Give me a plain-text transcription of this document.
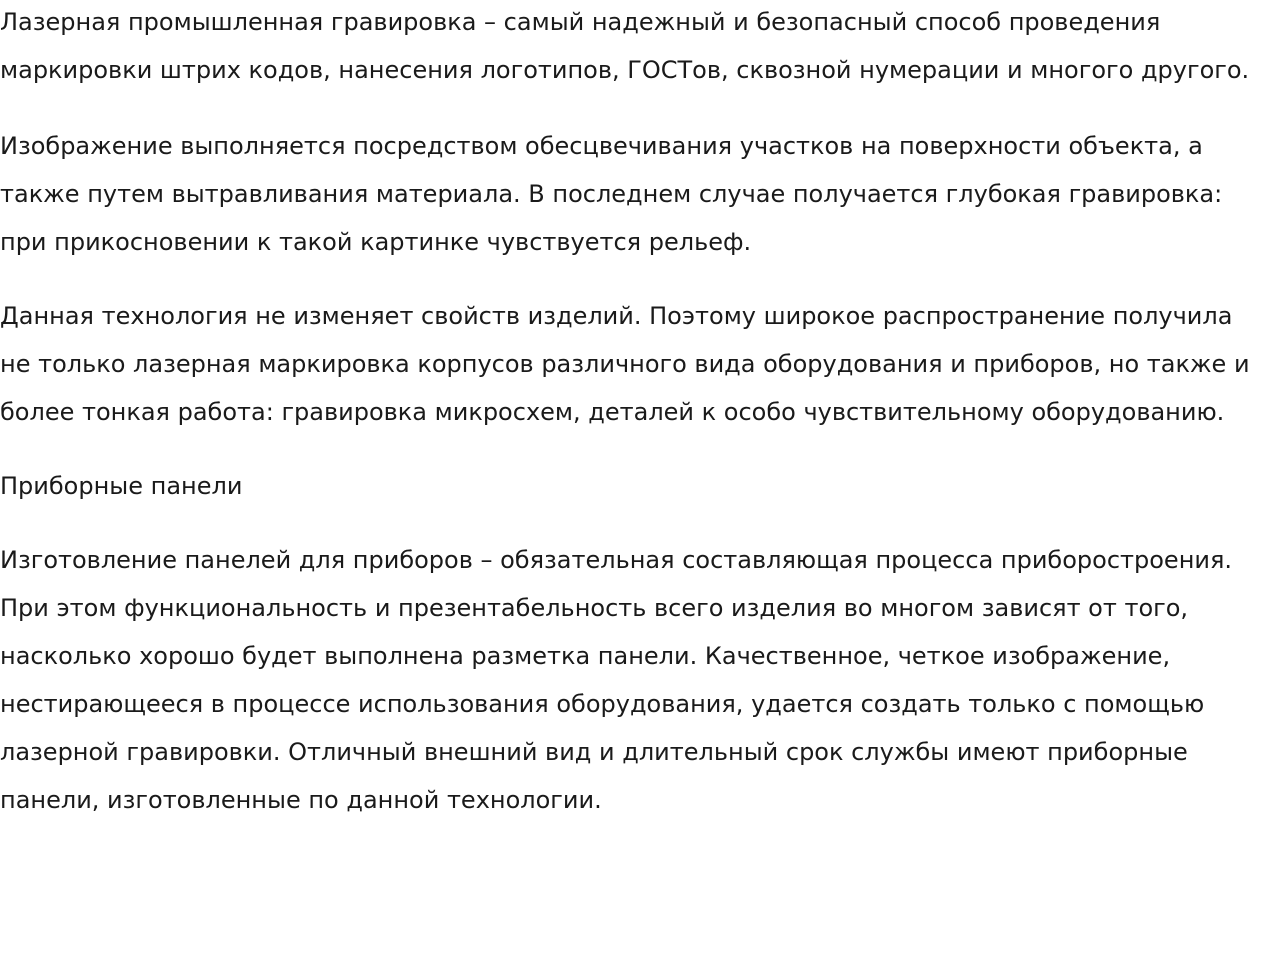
Лазерная промышленная гравировка – самый надежный и безопасный способ проведения маркировки штрих кодов, нанесения логотипов, ГОСТов, сквозной нумерации и многого другого.

Изображение выполняется посредством обесцвечивания участков на поверхности объекта, а также путем вытравливания материала. В последнем случае получается глубокая гравировка: при прикосновении к такой картинке чувствуется рельеф.

Данная технология не изменяет свойств изделий. Поэтому широкое распространение получила не только лазерная маркировка корпусов различного вида оборудования и приборов, но также и более тонкая работа: гравировка микросхем, деталей к особо чувствительному оборудованию.

Приборные панели

Изготовление панелей для приборов – обязательная составляющая процесса приборостроения. При этом функциональность и презентабельность всего изделия во многом зависят от того, насколько хорошо будет выполнена разметка панели. Качественное, четкое изображение, нестирающееся в процессе использования оборудования, удается создать только с помощью лазерной гравировки. Отличный внешний вид и длительный срок службы имеют приборные панели, изготовленные по данной технологии.
